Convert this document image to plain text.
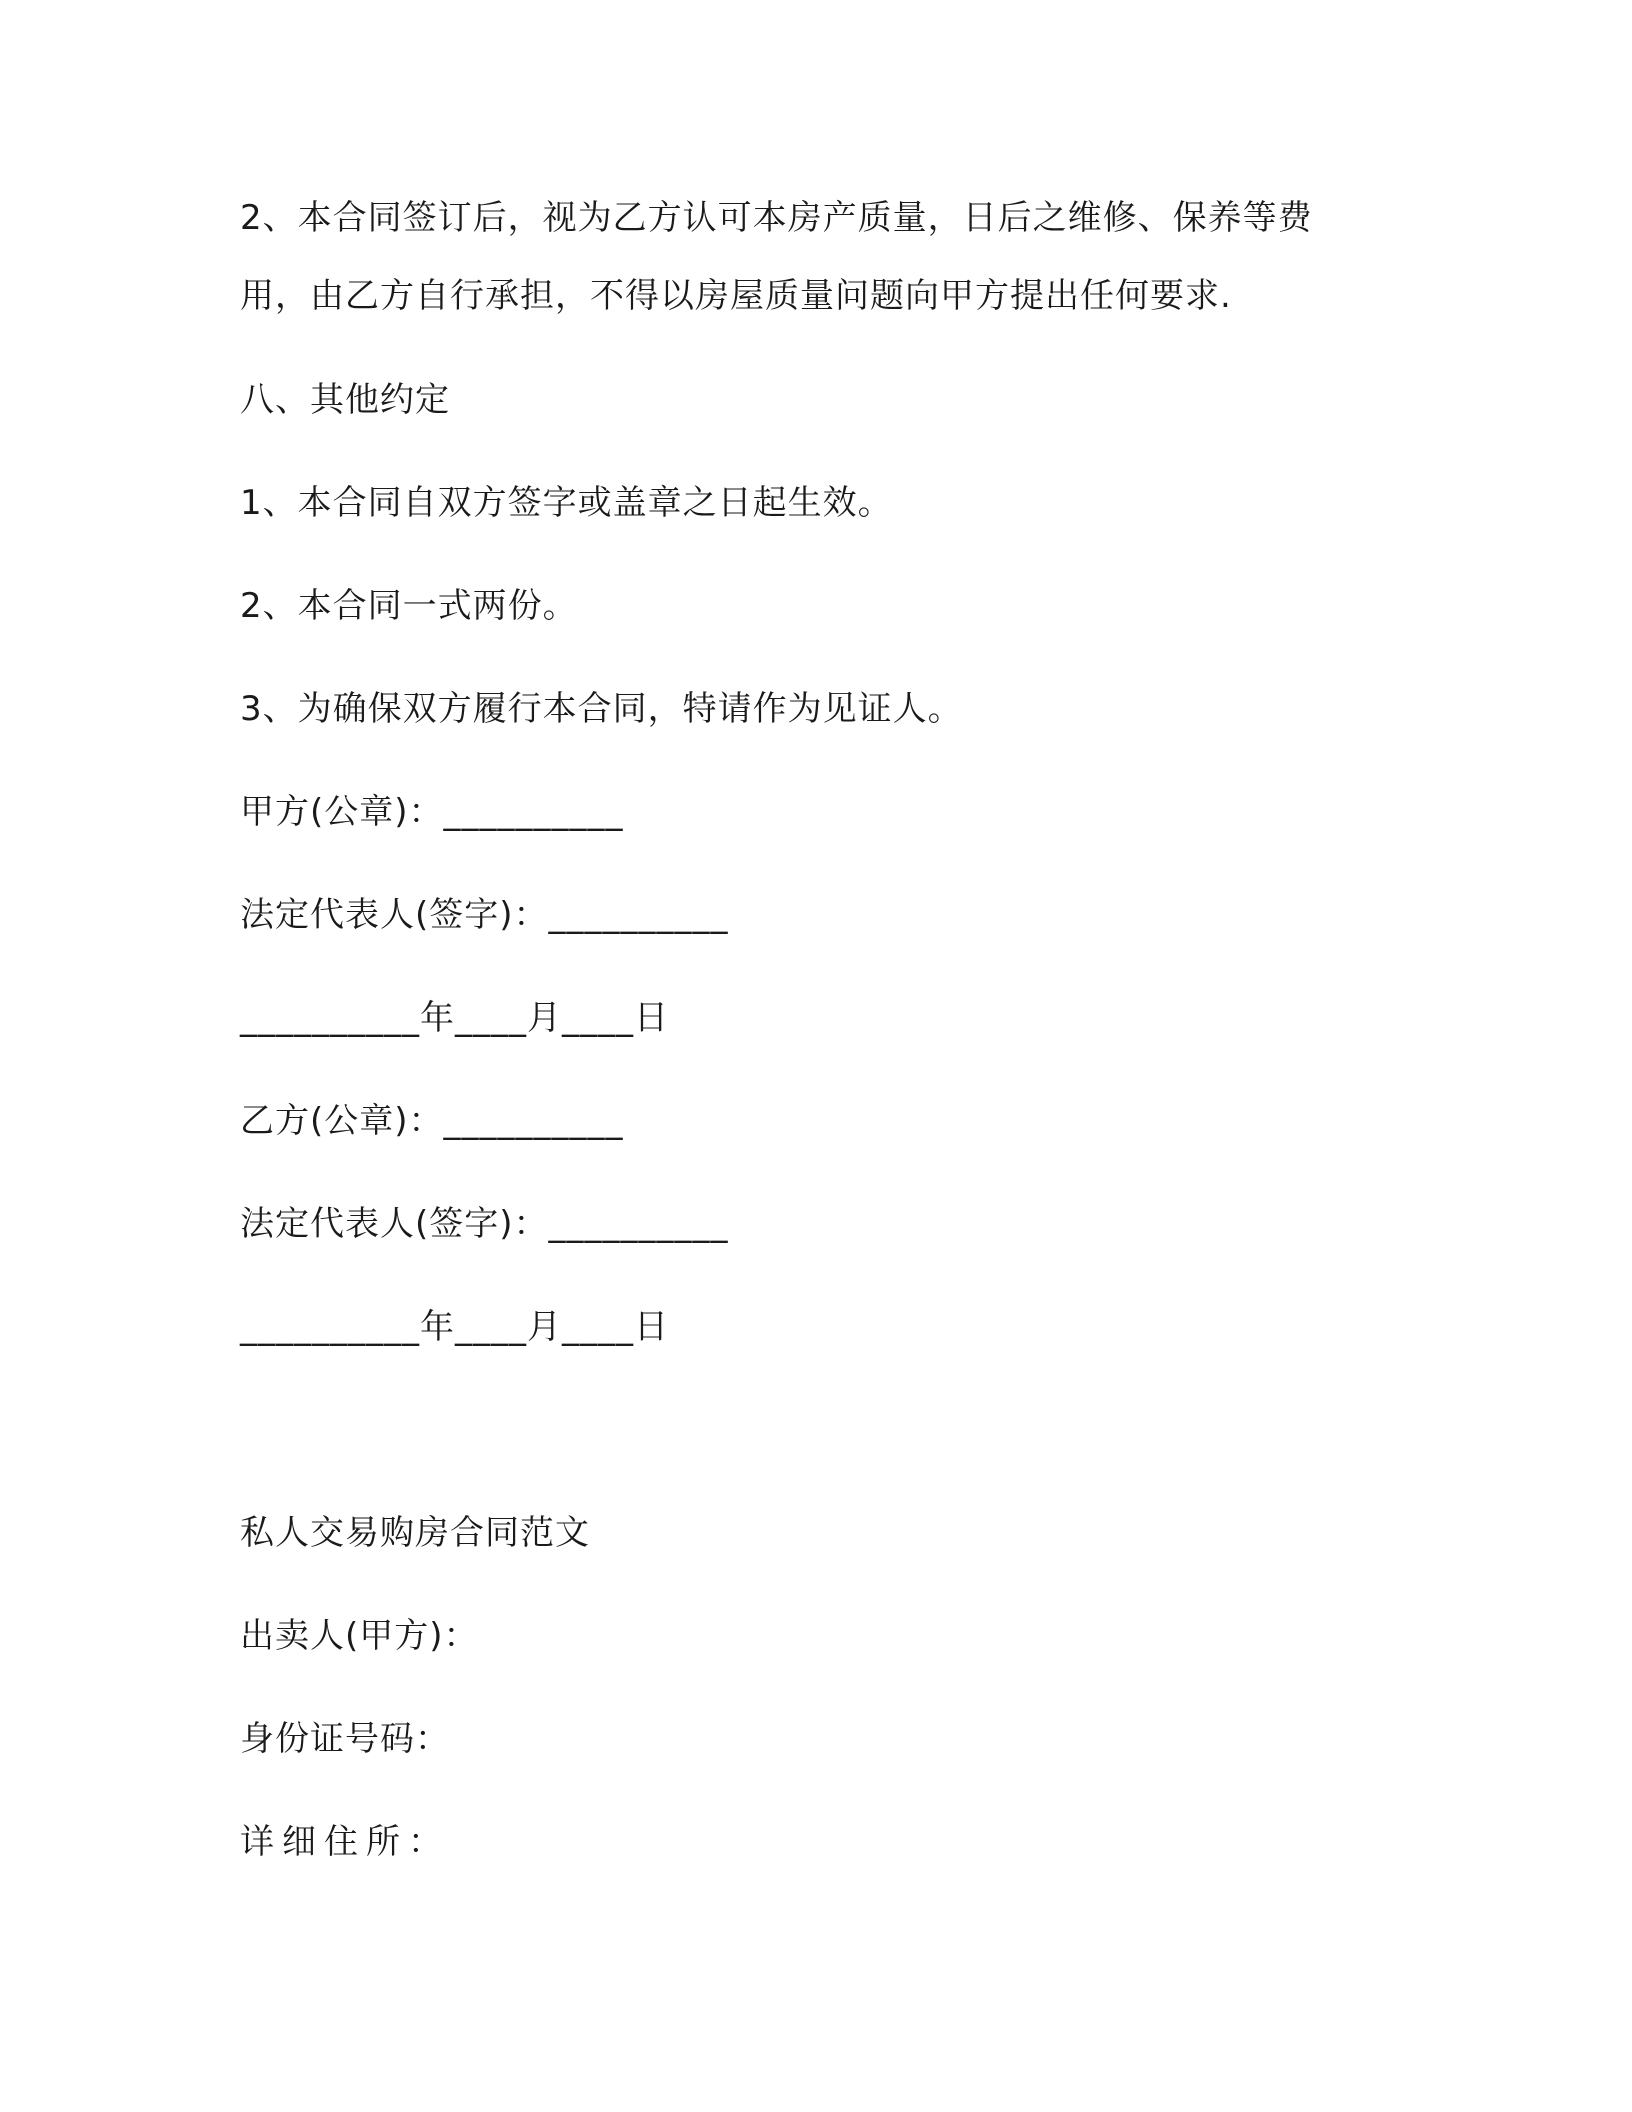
2、本合同签订后，视为乙方认可本房产质量，日后之维修、保养等费
用，由乙方自行承担，不得以房屋质量问题向甲方提出任何要求.
八、其他约定
1、本合同自双方签字或盖章之日起生效。
2、本合同一式两份。
3、为确保双方履行本合同，特请作为见证人。
甲方(公章)：__________
法定代表人(签字)：__________
__________年____月____日
乙方(公章)：__________
法定代表人(签字)：__________
__________年____月____日
私人交易购房合同范文
出卖人(甲方)：
身份证号码：
详细住所：
